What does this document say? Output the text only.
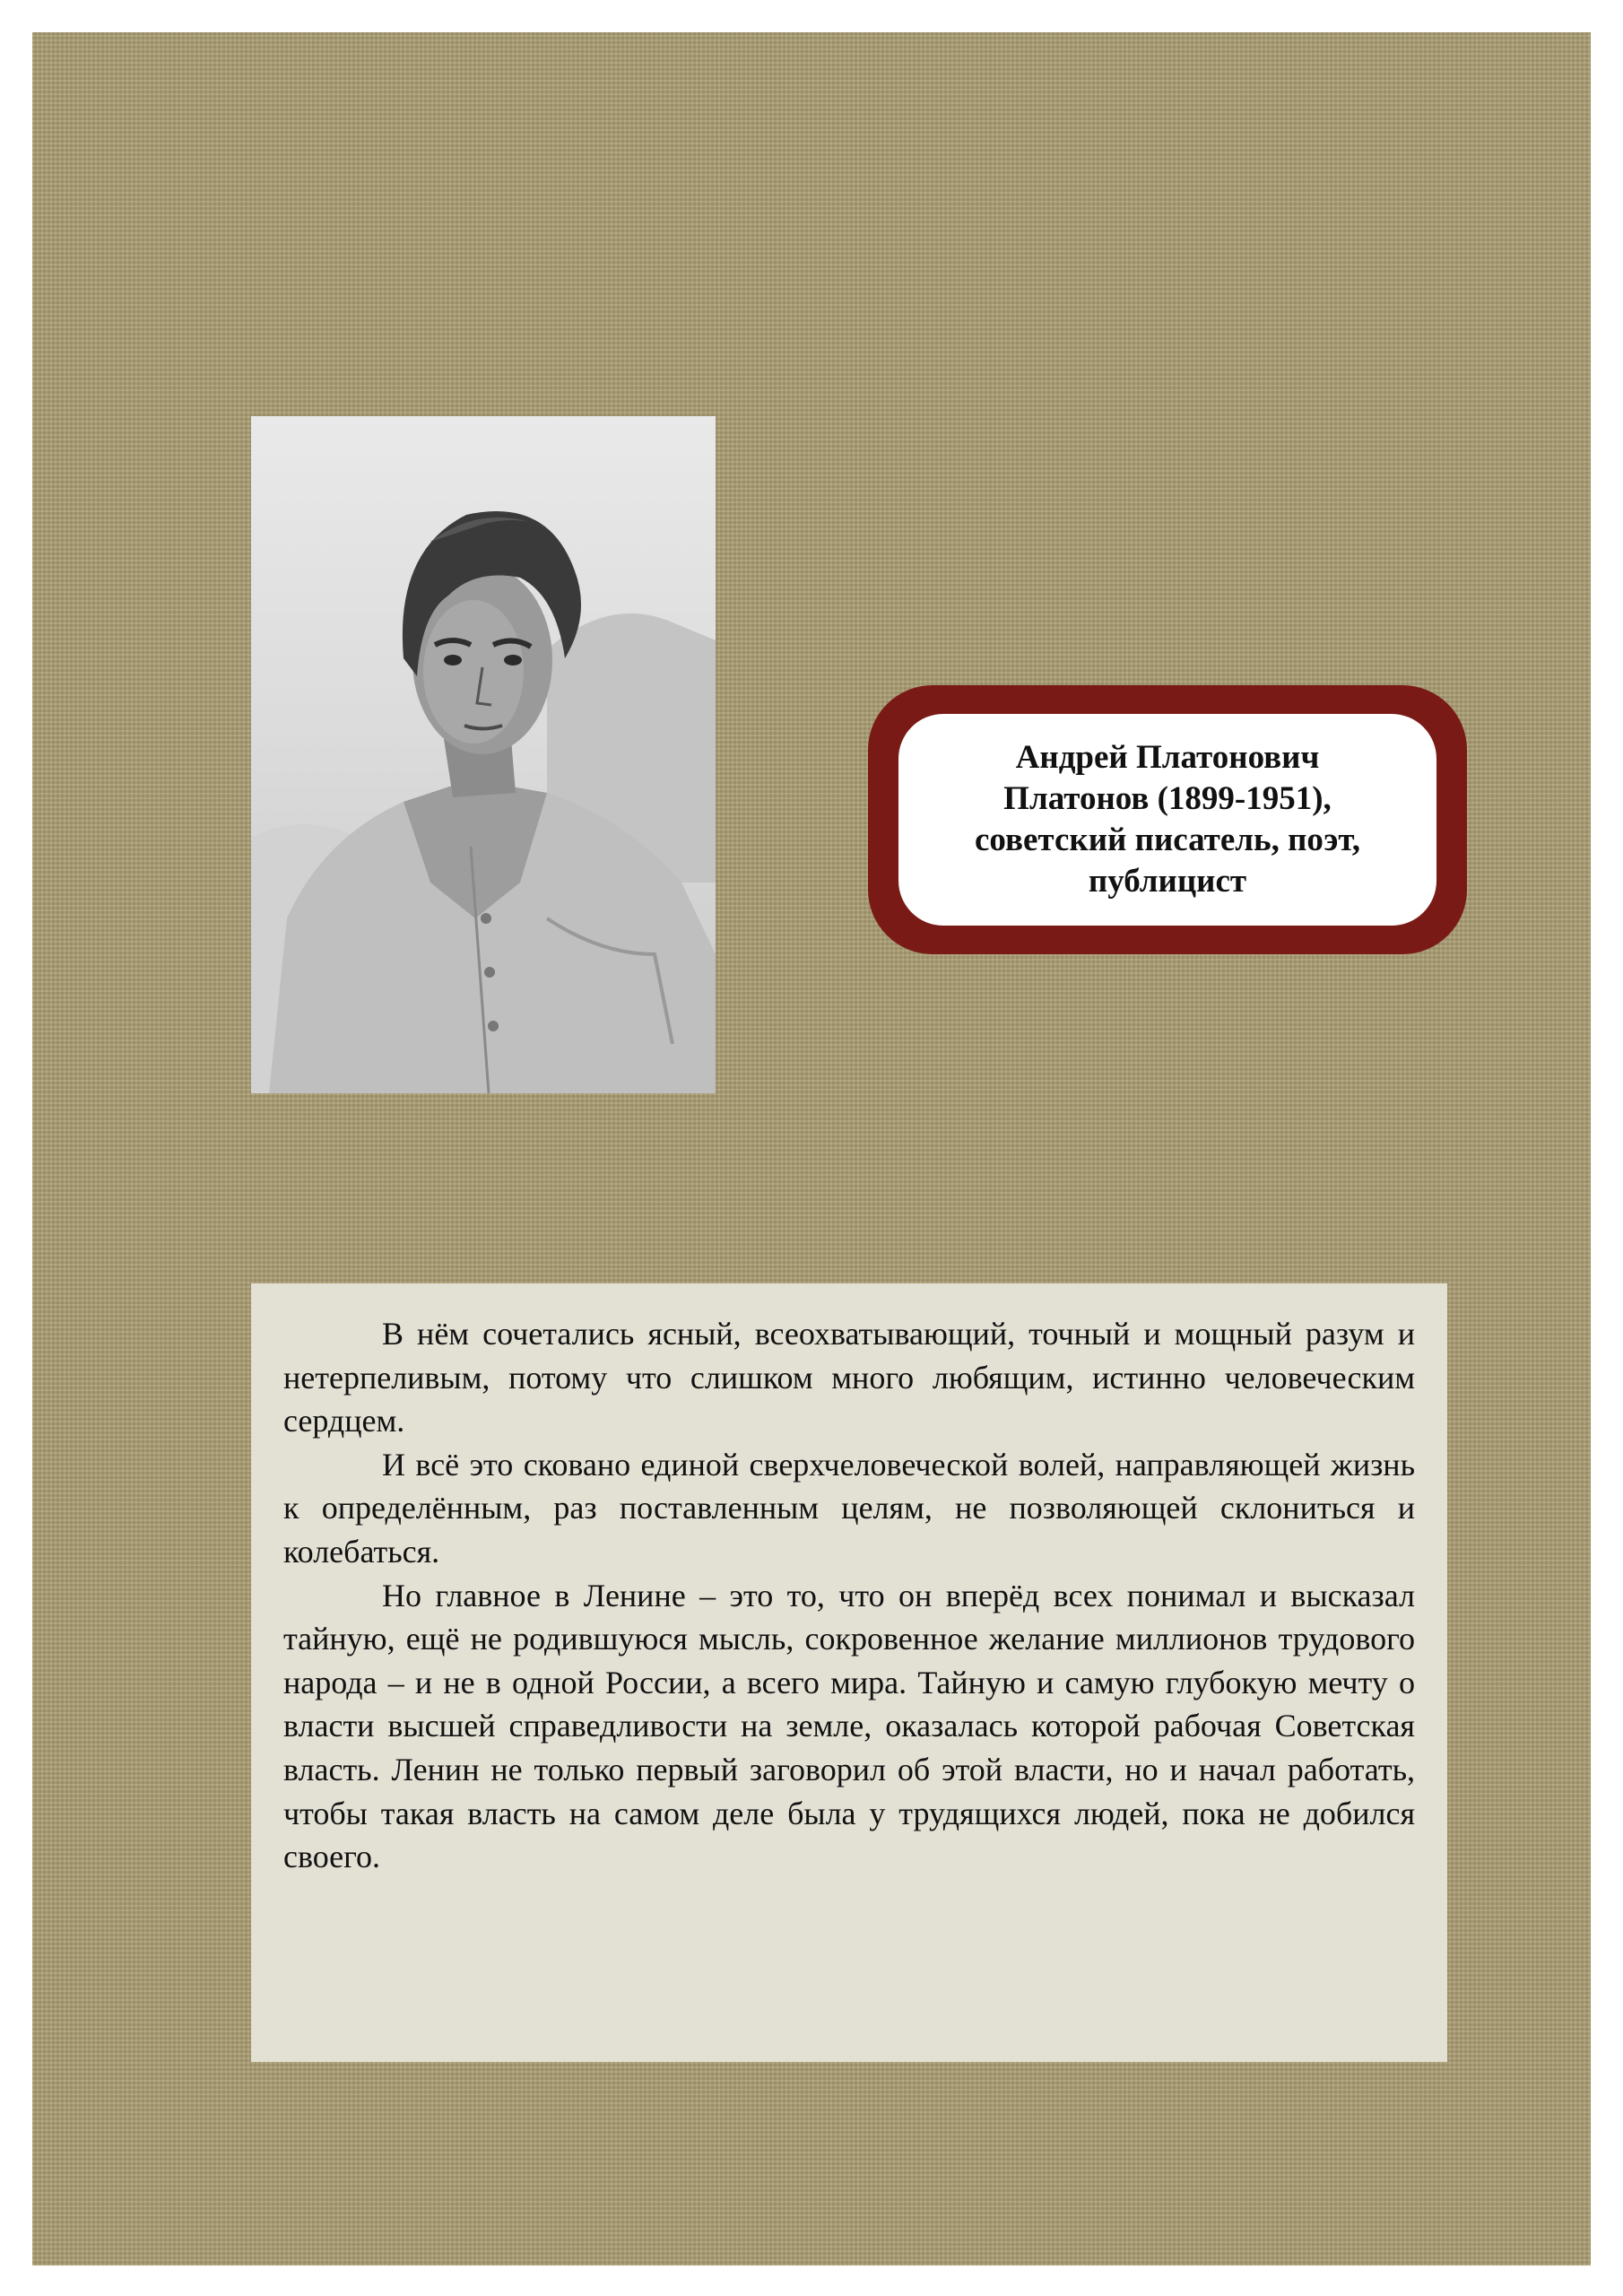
Андрей Платонович
Платонов (1899-1951),
советский писатель, поэт,
публицист

В нём сочетались ясный, всеохватывающий, точный и мощный разум и нетерпеливым, потому что слишком много любящим, истинно человеческим сердцем.

И всё это сковано единой сверхчеловеческой волей, направляющей жизнь к определённым, раз поставленным целям, не позволяющей склониться и колебаться.

Но главное в Ленине – это то, что он вперёд всех понимал и высказал тайную, ещё не родившуюся мысль, сокровенное желание миллионов трудового народа – и не в одной России, а всего мира. Тайную и самую глубокую мечту о власти высшей справедливости на земле, оказалась которой рабочая Советская власть. Ленин не только первый заговорил об этой власти, но и начал работать, чтобы такая власть на самом деле была у трудящихся людей, пока не добился своего.
